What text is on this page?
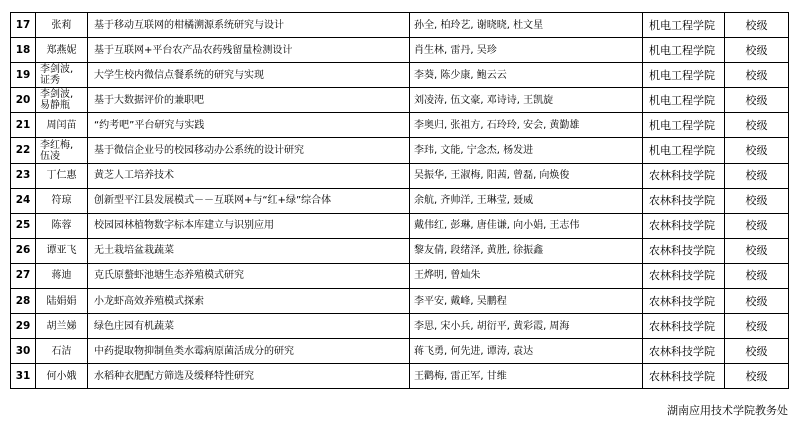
17	张莉	基于移动互联网的柑橘溯源系统研究与设计	孙全, 柏玲艺, 谢晓晓, 杜文星	机电工程学院	校级
18	郑燕妮	基于互联网+平台农产品农药残留量检测设计	肖生林, 雷丹, 吴珍	机电工程学院	校级
19	李剑波, 证秀	大学生校内微信点餐系统的研究与实现	李葵, 陈少康, 鲍云云	机电工程学院	校级
20	李剑波, 易静瓶	基于大数据评价的兼职吧	刘凌涛, 伍文豪, 邓诗诗, 王凯旋	机电工程学院	校级
21	周闰苗	“约考吧”平台研究与实践	李奥归, 张祖方, 石玲玲, 安会, 黄勤雄	机电工程学院	校级
22	李红梅, 伍凌	基于微信企业号的校园移动办公系统的设计研究	李玮, 文能, 宁念杰, 杨发进	机电工程学院	校级
23	丁仁惠	黄芝人工培养技术	吴振华, 王淑梅, 阳茜, 曾磊, 向焕俊	农林科技学院	校级
24	符琼	创新型平江县发展模式－－互联网+与“红+绿”综合体	余航, 齐帅洋, 王琳莹, 聂威	农林科技学院	校级
25	陈蓉	校园园林植物数字标本库建立与识别应用	戴伟红, 彭琳, 唐佳谦, 向小娟, 王志伟	农林科技学院	校级
26	谭亚飞	无土栽培盆栽蔬菜	黎友倩, 段绪泽, 黄胜, 徐振鑫	农林科技学院	校级
27	蒋迪	克氏原螯虾池塘生态养殖模式研究	王烨明, 曾灿朱	农林科技学院	校级
28	陆娟娟	小龙虾高效养殖模式探索	李平安, 戴峰, 吴鹏程	农林科技学院	校级
29	胡兰娣	绿色庄园有机蔬菜	李思, 宋小兵, 胡衍平, 黄彩霞, 周海	农林科技学院	校级
30	石洁	中药提取物抑制鱼类水霉病原菌活成分的研究	蒋飞勇, 何先进, 谭涛, 袁达	农林科技学院	校级
31	何小娥	水稻种衣肥配方筛选及缓释特性研究	王鹳梅, 雷正军, 甘维	农林科技学院	校级
湖南应用技术学院教务处
